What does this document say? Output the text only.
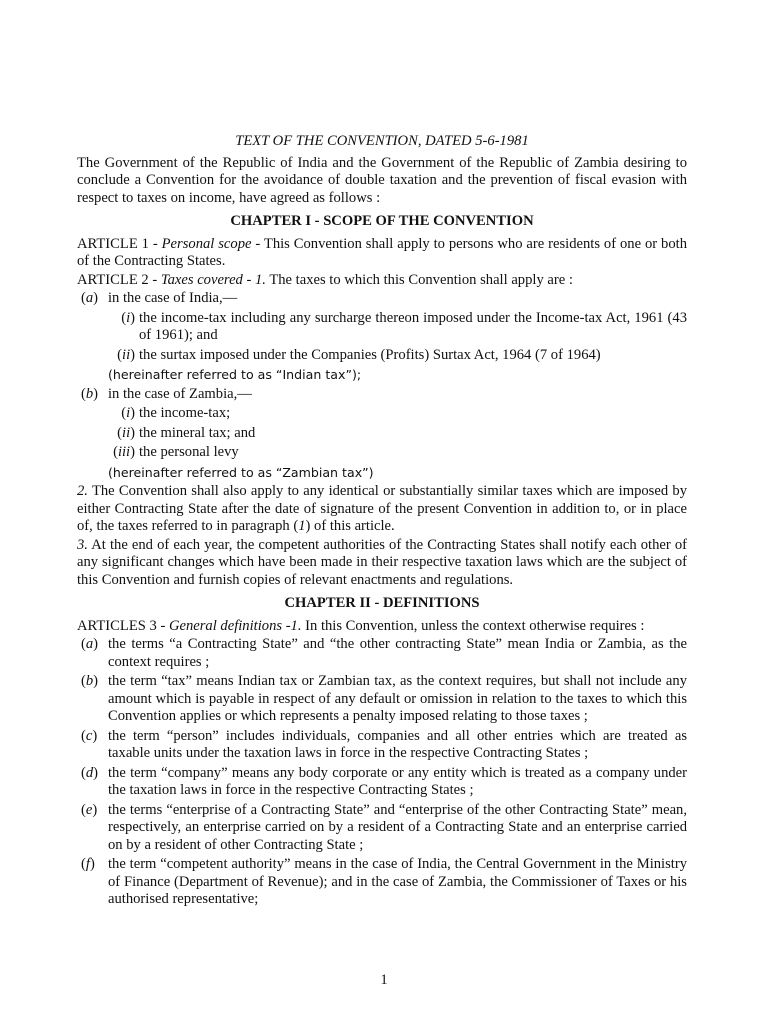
TEXT OF THE CONVENTION, DATED 5-6-1981

The Government of the Republic of India and the Government of the Republic of Zambia desiring to conclude a Convention for the avoidance of double taxation and the prevention of fiscal evasion with respect to taxes on income, have agreed as follows :

CHAPTER I - SCOPE OF THE CONVENTION

ARTICLE 1 - Personal scope - This Convention shall apply to persons who are residents of one or both of the Contracting States.

ARTICLE 2 - Taxes covered - 1. The taxes to which this Convention shall apply are :

(a) in the case of India,—
(i) the income-tax including any surcharge thereon imposed under the Income-tax Act, 1961 (43 of 1961); and
(ii) the surtax imposed under the Companies (Profits) Surtax Act, 1964 (7 of 1964)
(hereinafter referred to as “Indian tax”);
(b) in the case of Zambia,—
(i) the income-tax;
(ii) the mineral tax; and
(iii) the personal levy
(hereinafter referred to as “Zambian tax”)

2. The Convention shall also apply to any identical or substantially similar taxes which are imposed by either Contracting State after the date of signature of the present Convention in addition to, or in place of, the taxes referred to in paragraph (1) of this article.

3. At the end of each year, the competent authorities of the Contracting States shall notify each other of any significant changes which have been made in their respective taxation laws which are the subject of this Convention and furnish copies of relevant enactments and regulations.

CHAPTER II - DEFINITIONS

ARTICLES 3 - General definitions -1. In this Convention, unless the context otherwise requires :

(a) the terms “a Contracting State” and “the other contracting State” mean India or Zambia, as the context requires ;
(b) the term “tax” means Indian tax or Zambian tax, as the context requires, but shall not include any amount which is payable in respect of any default or omission in relation to the taxes to which this Convention applies or which represents a penalty imposed relating to those taxes ;
(c) the term “person” includes individuals, companies and all other entries which are treated as taxable units under the taxation laws in force in the respective Contracting States ;
(d) the term “company” means any body corporate or any entity which is treated as a company under the taxation laws in force in the respective Contracting States ;
(e) the terms “enterprise of a Contracting State” and “enterprise of the other Contracting State” mean, respectively, an enterprise carried on by a resident of a Contracting State and an enterprise carried on by a resident of other Contracting State ;
(f) the term “competent authority” means in the case of India, the Central Government in the Ministry of Finance (Department of Revenue); and in the case of Zambia, the Commissioner of Taxes or his authorised representative;
1
